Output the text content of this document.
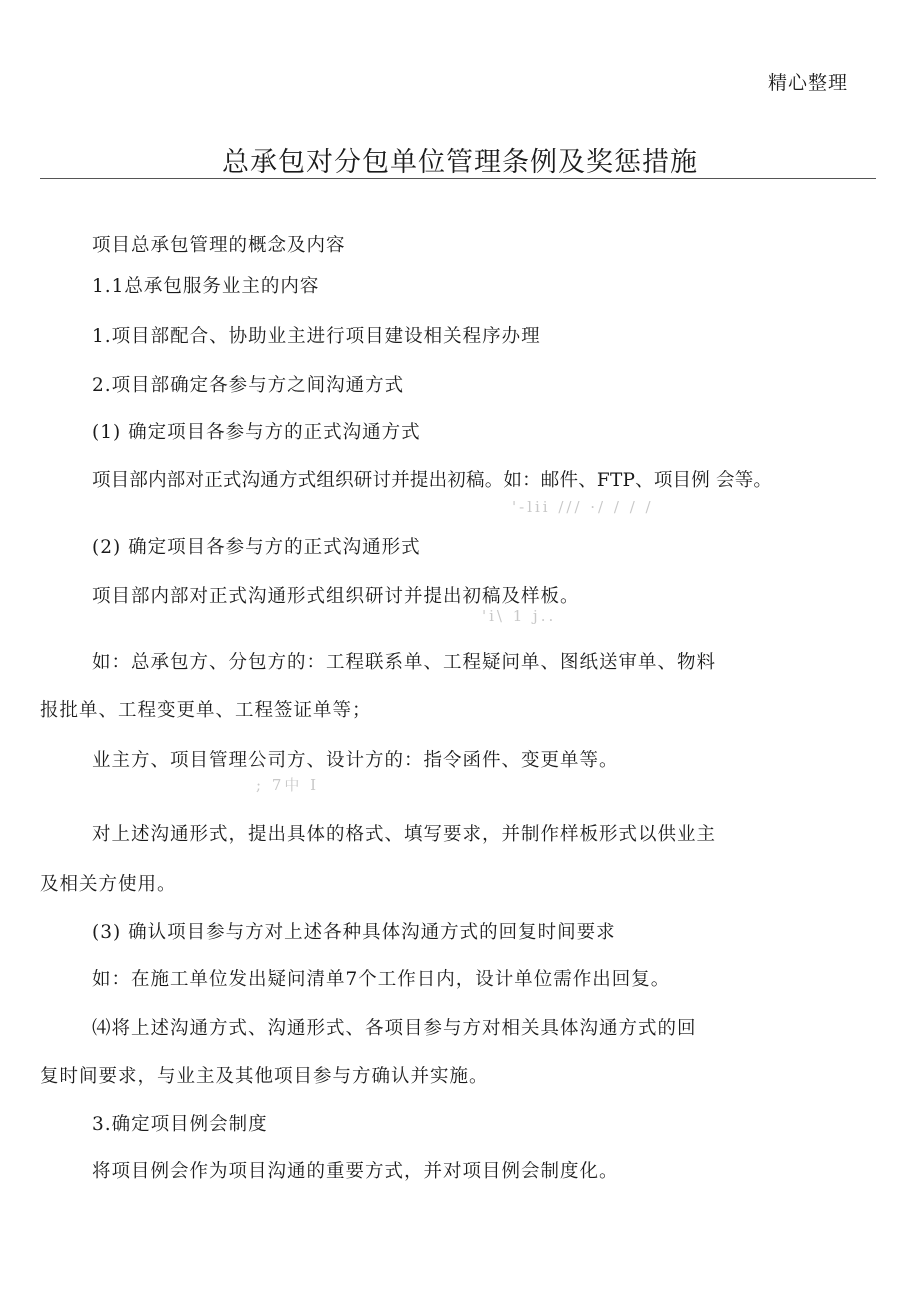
精心整理
总承包对分包单位管理条例及奖惩措施
项目总承包管理的概念及内容
1.1总承包服务业主的内容
1.项目部配合、协助业主进行项目建设相关程序办理
2.项目部确定各参与方之间沟通方式
(1) 确定项目各参与方的正式沟通方式
项目部内部对正式沟通方式组织研讨并提出初稿。如：邮件、FTP、项目例 会等。
'-lii /// ·/ / / /
(2) 确定项目各参与方的正式沟通形式
项目部内部对正式沟通形式组织研讨并提出初稿及样板。
'i\ 1 j..
如：总承包方、分包方的：工程联系单、工程疑问单、图纸送审单、物料
报批单、工程变更单、工程签证单等；
业主方、项目管理公司方、设计方的：指令函件、变更单等。
; 7中 I
对上述沟通形式，提出具体的格式、填写要求，并制作样板形式以供业主
及相关方使用。
(3) 确认项目参与方对上述各种具体沟通方式的回复时间要求
如：在施工单位发出疑问清单7个工作日内，设计单位需作出回复。
⑷将上述沟通方式、沟通形式、各项目参与方对相关具体沟通方式的回
复时间要求，与业主及其他项目参与方确认并实施。
3.确定项目例会制度
将项目例会作为项目沟通的重要方式，并对项目例会制度化。
